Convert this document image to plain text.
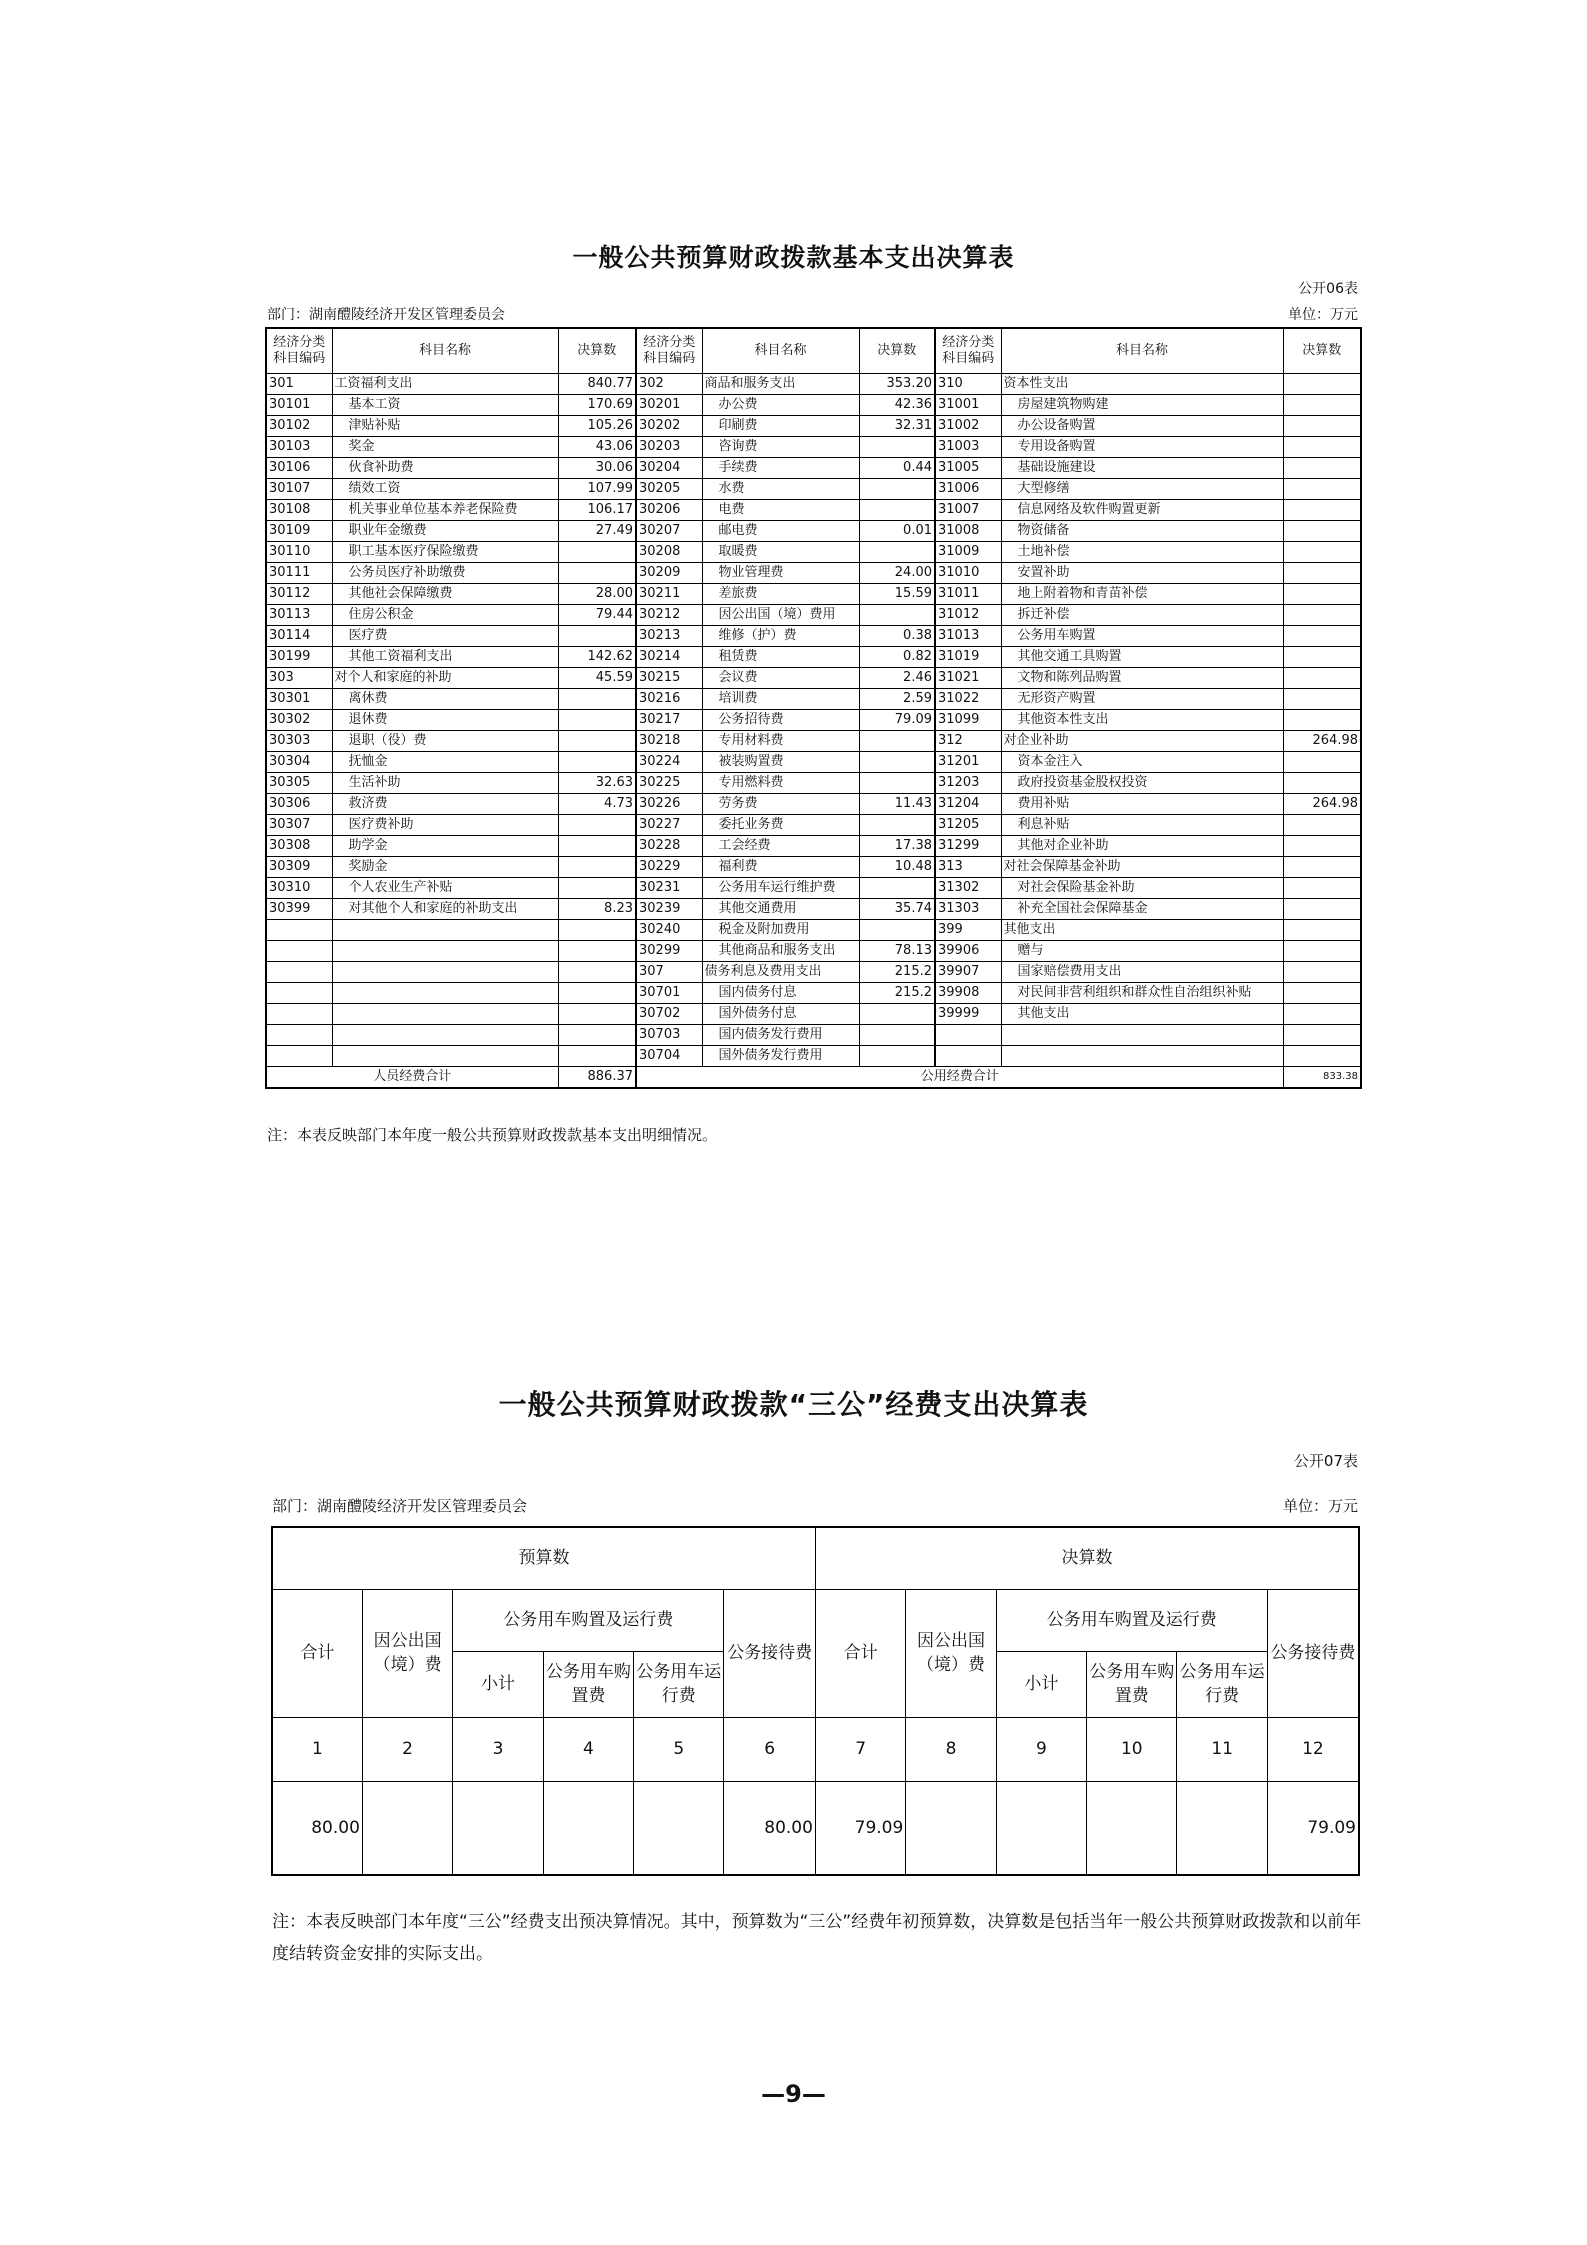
一般公共预算财政拨款基本支出决算表
公开06表
部门：湖南醴陵经济开发区管理委员会	单位：万元
经济分类科目编码	科目名称	决算数	经济分类科目编码	科目名称	决算数	经济分类科目编码	科目名称	决算数
301	工资福利支出	840.77	302	商品和服务支出	353.20	310	资本性支出	
30101	基本工资	170.69	30201	办公费	42.36	31001	房屋建筑物购建	
30102	津贴补贴	105.26	30202	印刷费	32.31	31002	办公设备购置	
30103	奖金	43.06	30203	咨询费		31003	专用设备购置	
30106	伙食补助费	30.06	30204	手续费	0.44	31005	基础设施建设	
30107	绩效工资	107.99	30205	水费		31006	大型修缮	
30108	机关事业单位基本养老保险费	106.17	30206	电费		31007	信息网络及软件购置更新	
30109	职业年金缴费	27.49	30207	邮电费	0.01	31008	物资储备	
30110	职工基本医疗保险缴费		30208	取暖费		31009	土地补偿	
30111	公务员医疗补助缴费		30209	物业管理费	24.00	31010	安置补助	
30112	其他社会保障缴费	28.00	30211	差旅费	15.59	31011	地上附着物和青苗补偿	
30113	住房公积金	79.44	30212	因公出国（境）费用		31012	拆迁补偿	
30114	医疗费		30213	维修（护）费	0.38	31013	公务用车购置	
30199	其他工资福利支出	142.62	30214	租赁费	0.82	31019	其他交通工具购置	
303	对个人和家庭的补助	45.59	30215	会议费	2.46	31021	文物和陈列品购置	
30301	离休费		30216	培训费	2.59	31022	无形资产购置	
30302	退休费		30217	公务招待费	79.09	31099	其他资本性支出	
30303	退职（役）费		30218	专用材料费		312	对企业补助	264.98
30304	抚恤金		30224	被装购置费		31201	资本金注入	
30305	生活补助	32.63	30225	专用燃料费		31203	政府投资基金股权投资	
30306	救济费	4.73	30226	劳务费	11.43	31204	费用补贴	264.98
30307	医疗费补助		30227	委托业务费		31205	利息补贴	
30308	助学金		30228	工会经费	17.38	31299	其他对企业补助	
30309	奖励金		30229	福利费	10.48	313	对社会保障基金补助	
30310	个人农业生产补贴		30231	公务用车运行维护费		31302	对社会保险基金补助	
30399	对其他个人和家庭的补助支出	8.23	30239	其他交通费用	35.74	31303	补充全国社会保障基金	
			30240	税金及附加费用		399	其他支出	
			30299	其他商品和服务支出	78.13	39906	赠与	
			307	债务利息及费用支出	215.2	39907	国家赔偿费用支出	
			30701	国内债务付息	215.2	39908	对民间非营利组织和群众性自治组织补贴	
			30702	国外债务付息		39999	其他支出	
			30703	国内债务发行费用				
			30704	国外债务发行费用				
人员经费合计		886.37	公用经费合计					833.38
注：本表反映部门本年度一般公共预算财政拨款基本支出明细情况。
一般公共预算财政拨款“三公”经费支出决算表
公开07表
部门：湖南醴陵经济开发区管理委员会	单位：万元
预算数						决算数					
合计	因公出国（境）费	公务用车购置及运行费			公务接待费	合计	因公出国（境）费	公务用车购置及运行费			公务接待费
		小计	公务用车购置费	公务用车运行费				小计	公务用车购置费	公务用车运行费	
1	2	3	4	5	6	7	8	9	10	11	12
80.00					80.00	79.09					79.09
注：本表反映部门本年度“三公”经费支出预决算情况。其中，预算数为“三公”经费年初预算数，决算数是包括当年一般公共预算财政拨款和以前年度结转资金安排的实际支出。
—9—
